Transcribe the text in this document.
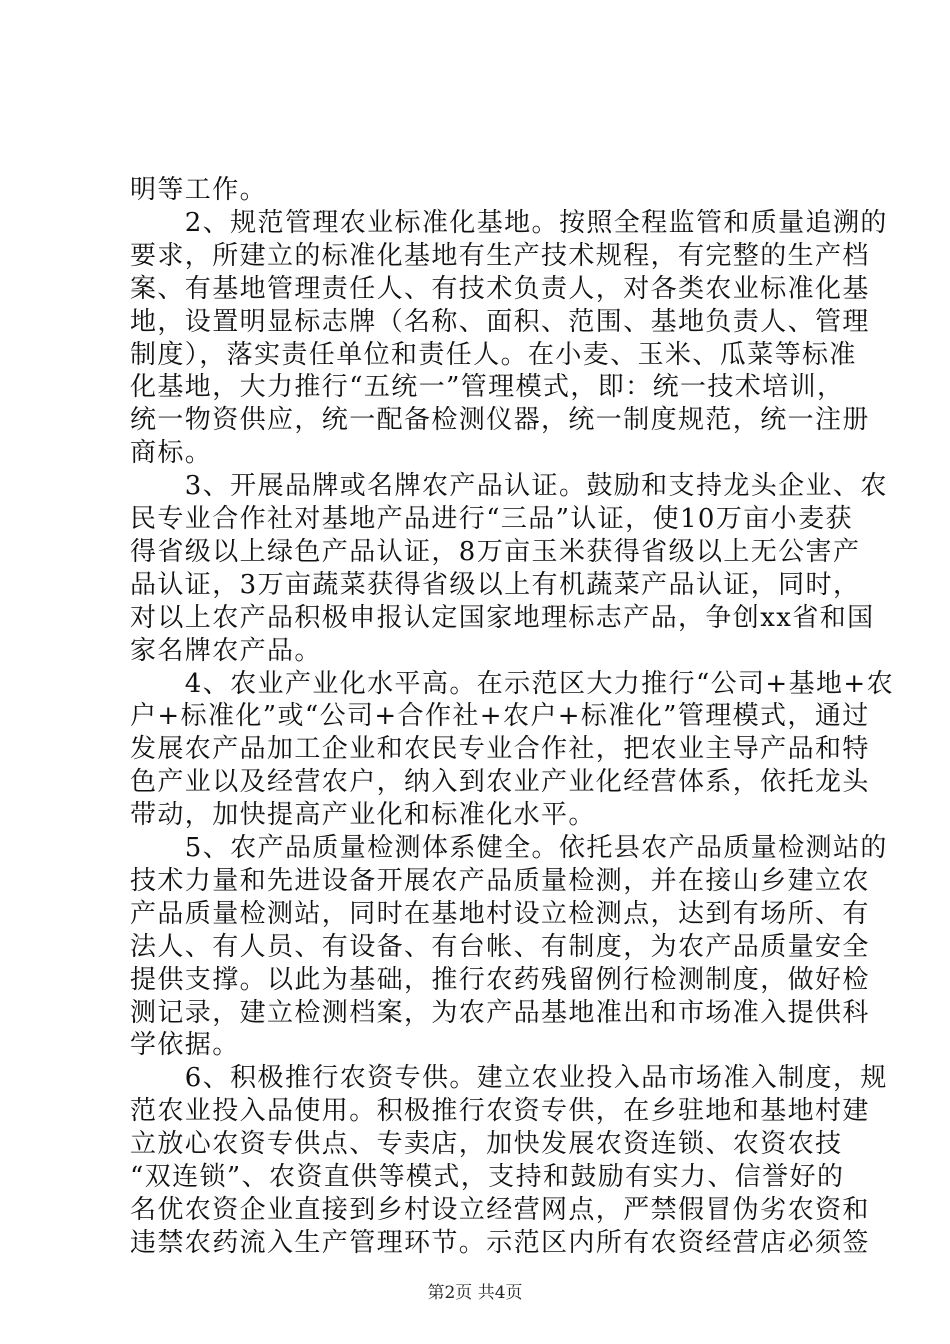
第2页 共4页
明等工作。
　　2、规范管理农业标准化基地。按照全程监管和质量追溯的
要求，所建立的标准化基地有生产技术规程，有完整的生产档
案、有基地管理责任人、有技术负责人，对各类农业标准化基
地，设置明显标志牌（名称、面积、范围、基地负责人、管理
制度），落实责任单位和责任人。在小麦、玉米、瓜菜等标准
化基地，大力推行“五统一”管理模式，即：统一技术培训，
统一物资供应，统一配备检测仪器，统一制度规范，统一注册
商标。
　　3、开展品牌或名牌农产品认证。鼓励和支持龙头企业、农
民专业合作社对基地产品进行“三品”认证，使10万亩小麦获
得省级以上绿色产品认证，8万亩玉米获得省级以上无公害产
品认证，3万亩蔬菜获得省级以上有机蔬菜产品认证，同时，
对以上农产品积极申报认定国家地理标志产品，争创xx省和国
家名牌农产品。
　　4、农业产业化水平高。在示范区大力推行“公司+基地+农
户+标准化”或“公司+合作社+农户+标准化”管理模式，通过
发展农产品加工企业和农民专业合作社，把农业主导产品和特
色产业以及经营农户，纳入到农业产业化经营体系，依托龙头
带动，加快提高产业化和标准化水平。
　　5、农产品质量检测体系健全。依托县农产品质量检测站的
技术力量和先进设备开展农产品质量检测，并在接山乡建立农
产品质量检测站，同时在基地村设立检测点，达到有场所、有
法人、有人员、有设备、有台帐、有制度，为农产品质量安全
提供支撑。以此为基础，推行农药残留例行检测制度，做好检
测记录，建立检测档案，为农产品基地准出和市场准入提供科
学依据。
　　6、积极推行农资专供。建立农业投入品市场准入制度，规
范农业投入品使用。积极推行农资专供，在乡驻地和基地村建
立放心农资专供点、专卖店，加快发展农资连锁、农资农技
“双连锁”、农资直供等模式，支持和鼓励有实力、信誉好的
名优农资企业直接到乡村设立经营网点，严禁假冒伪劣农资和
违禁农药流入生产管理环节。示范区内所有农资经营店必须签
